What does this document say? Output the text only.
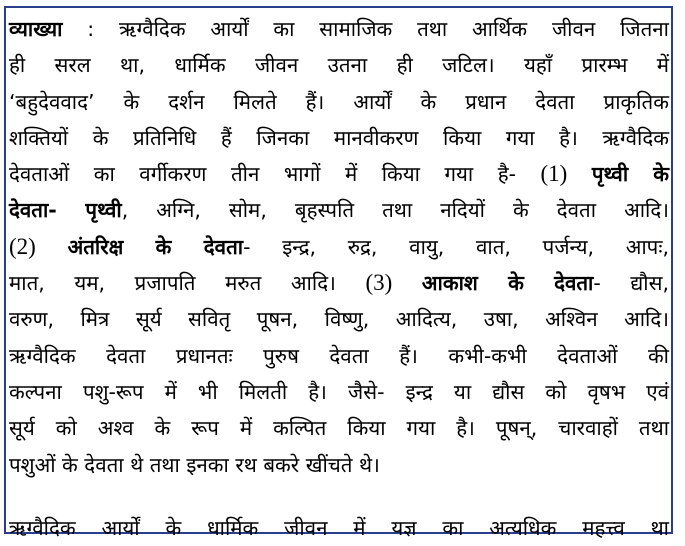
व्याख्या : ऋग्वैदिक आर्यों का सामाजिक तथा आर्थिक जीवन जितना
ही सरल था, धार्मिक जीवन उतना ही जटिल। यहाँ प्रारम्भ में
‘बहुदेववाद’ के दर्शन मिलते हैं। आर्यों के प्रधान देवता प्राकृतिक
शक्तियों के प्रतिनिधि हैं जिनका मानवीकरण किया गया है। ऋग्वैदिक
देवताओं का वर्गीकरण तीन भागों में किया गया है- (1) पृथ्वी के
देवता- पृथ्वी, अग्नि, सोम, बृहस्पति तथा नदियों के देवता आदि।
(2) अंतरिक्ष के देवता- इन्द्र, रुद्र, वायु, वात, पर्जन्य, आपः,
मात, यम, प्रजापति मरुत आदि। (3) आकाश के देवता- द्यौस,
वरुण, मित्र सूर्य सवितृ पूषन, विष्णु, आदित्य, उषा, अश्विन आदि।
ऋग्वैदिक देवता प्रधानतः पुरुष देवता हैं। कभी-कभी देवताओं की
कल्पना पशु-रूप में भी मिलती है। जैसे- इन्द्र या द्यौस को वृषभ एवं
सूर्य को अश्व के रूप में कल्पित किया गया है। पूषन्, चारवाहों तथा
पशुओं के देवता थे तथा इनका रथ बकरे खींचते थे।
ऋग्वैदिक आर्यों के धार्मिक जीवन में यज्ञ का अत्यधिक महत्त्व था
